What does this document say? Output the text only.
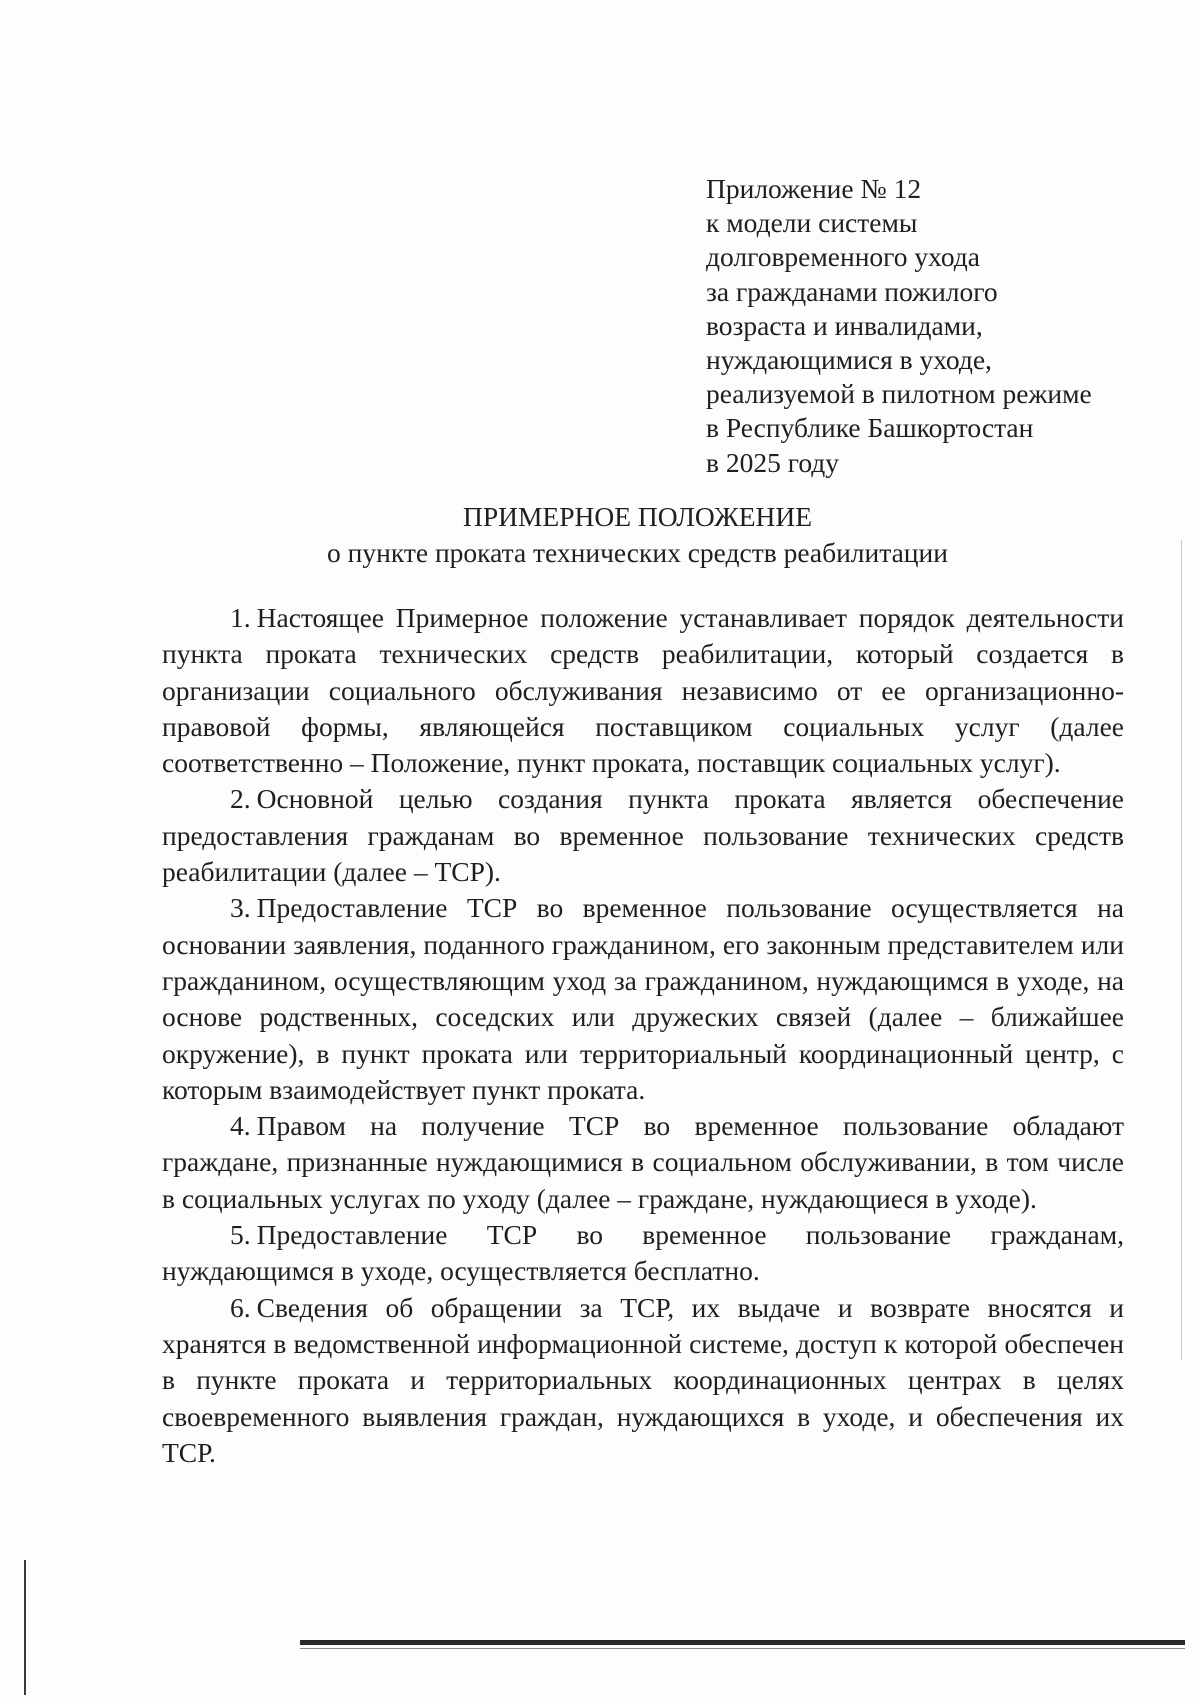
Приложение № 12
к модели системы
долговременного ухода
за гражданами пожилого
возраста и инвалидами,
нуждающимися в уходе,
реализуемой в пилотном режиме
в Республике Башкортостан
в 2025 году
ПРИМЕРНОЕ ПОЛОЖЕНИЕ
о пункте проката технических средств реабилитации

1. Настоящее Примерное положение устанавливает порядок деятельности пункта проката технических средств реабилитации, который создается в организации социального обслуживания независимо от ее организационно-правовой формы, являющейся поставщиком социальных услуг (далее соответственно – Положение, пункт проката, поставщик социальных услуг).

2. Основной целью создания пункта проката является обеспечение предоставления гражданам во временное пользование технических средств реабилитации (далее – ТСР).

3. Предоставление ТСР во временное пользование осуществляется на основании заявления, поданного гражданином, его законным представителем или гражданином, осуществляющим уход за гражданином, нуждающимся в уходе, на основе родственных, соседских или дружеских связей (далее – ближайшее окружение), в пункт проката или территориальный координационный центр, с которым взаимодействует пункт проката.

4. Правом на получение ТСР во временное пользование обладают граждане, признанные нуждающимися в социальном обслуживании, в том числе в социальных услугах по уходу (далее – граждане, нуждающиеся в уходе).

5. Предоставление ТСР во временное пользование гражданам, нуждающимся в уходе, осуществляется бесплатно.

6. Сведения об обращении за ТСР, их выдаче и возврате вносятся и хранятся в ведомственной информационной системе, доступ к которой обеспечен в пункте проката и территориальных координационных центрах в целях своевременного выявления граждан, нуждающихся в уходе, и обеспечения их ТСР.
